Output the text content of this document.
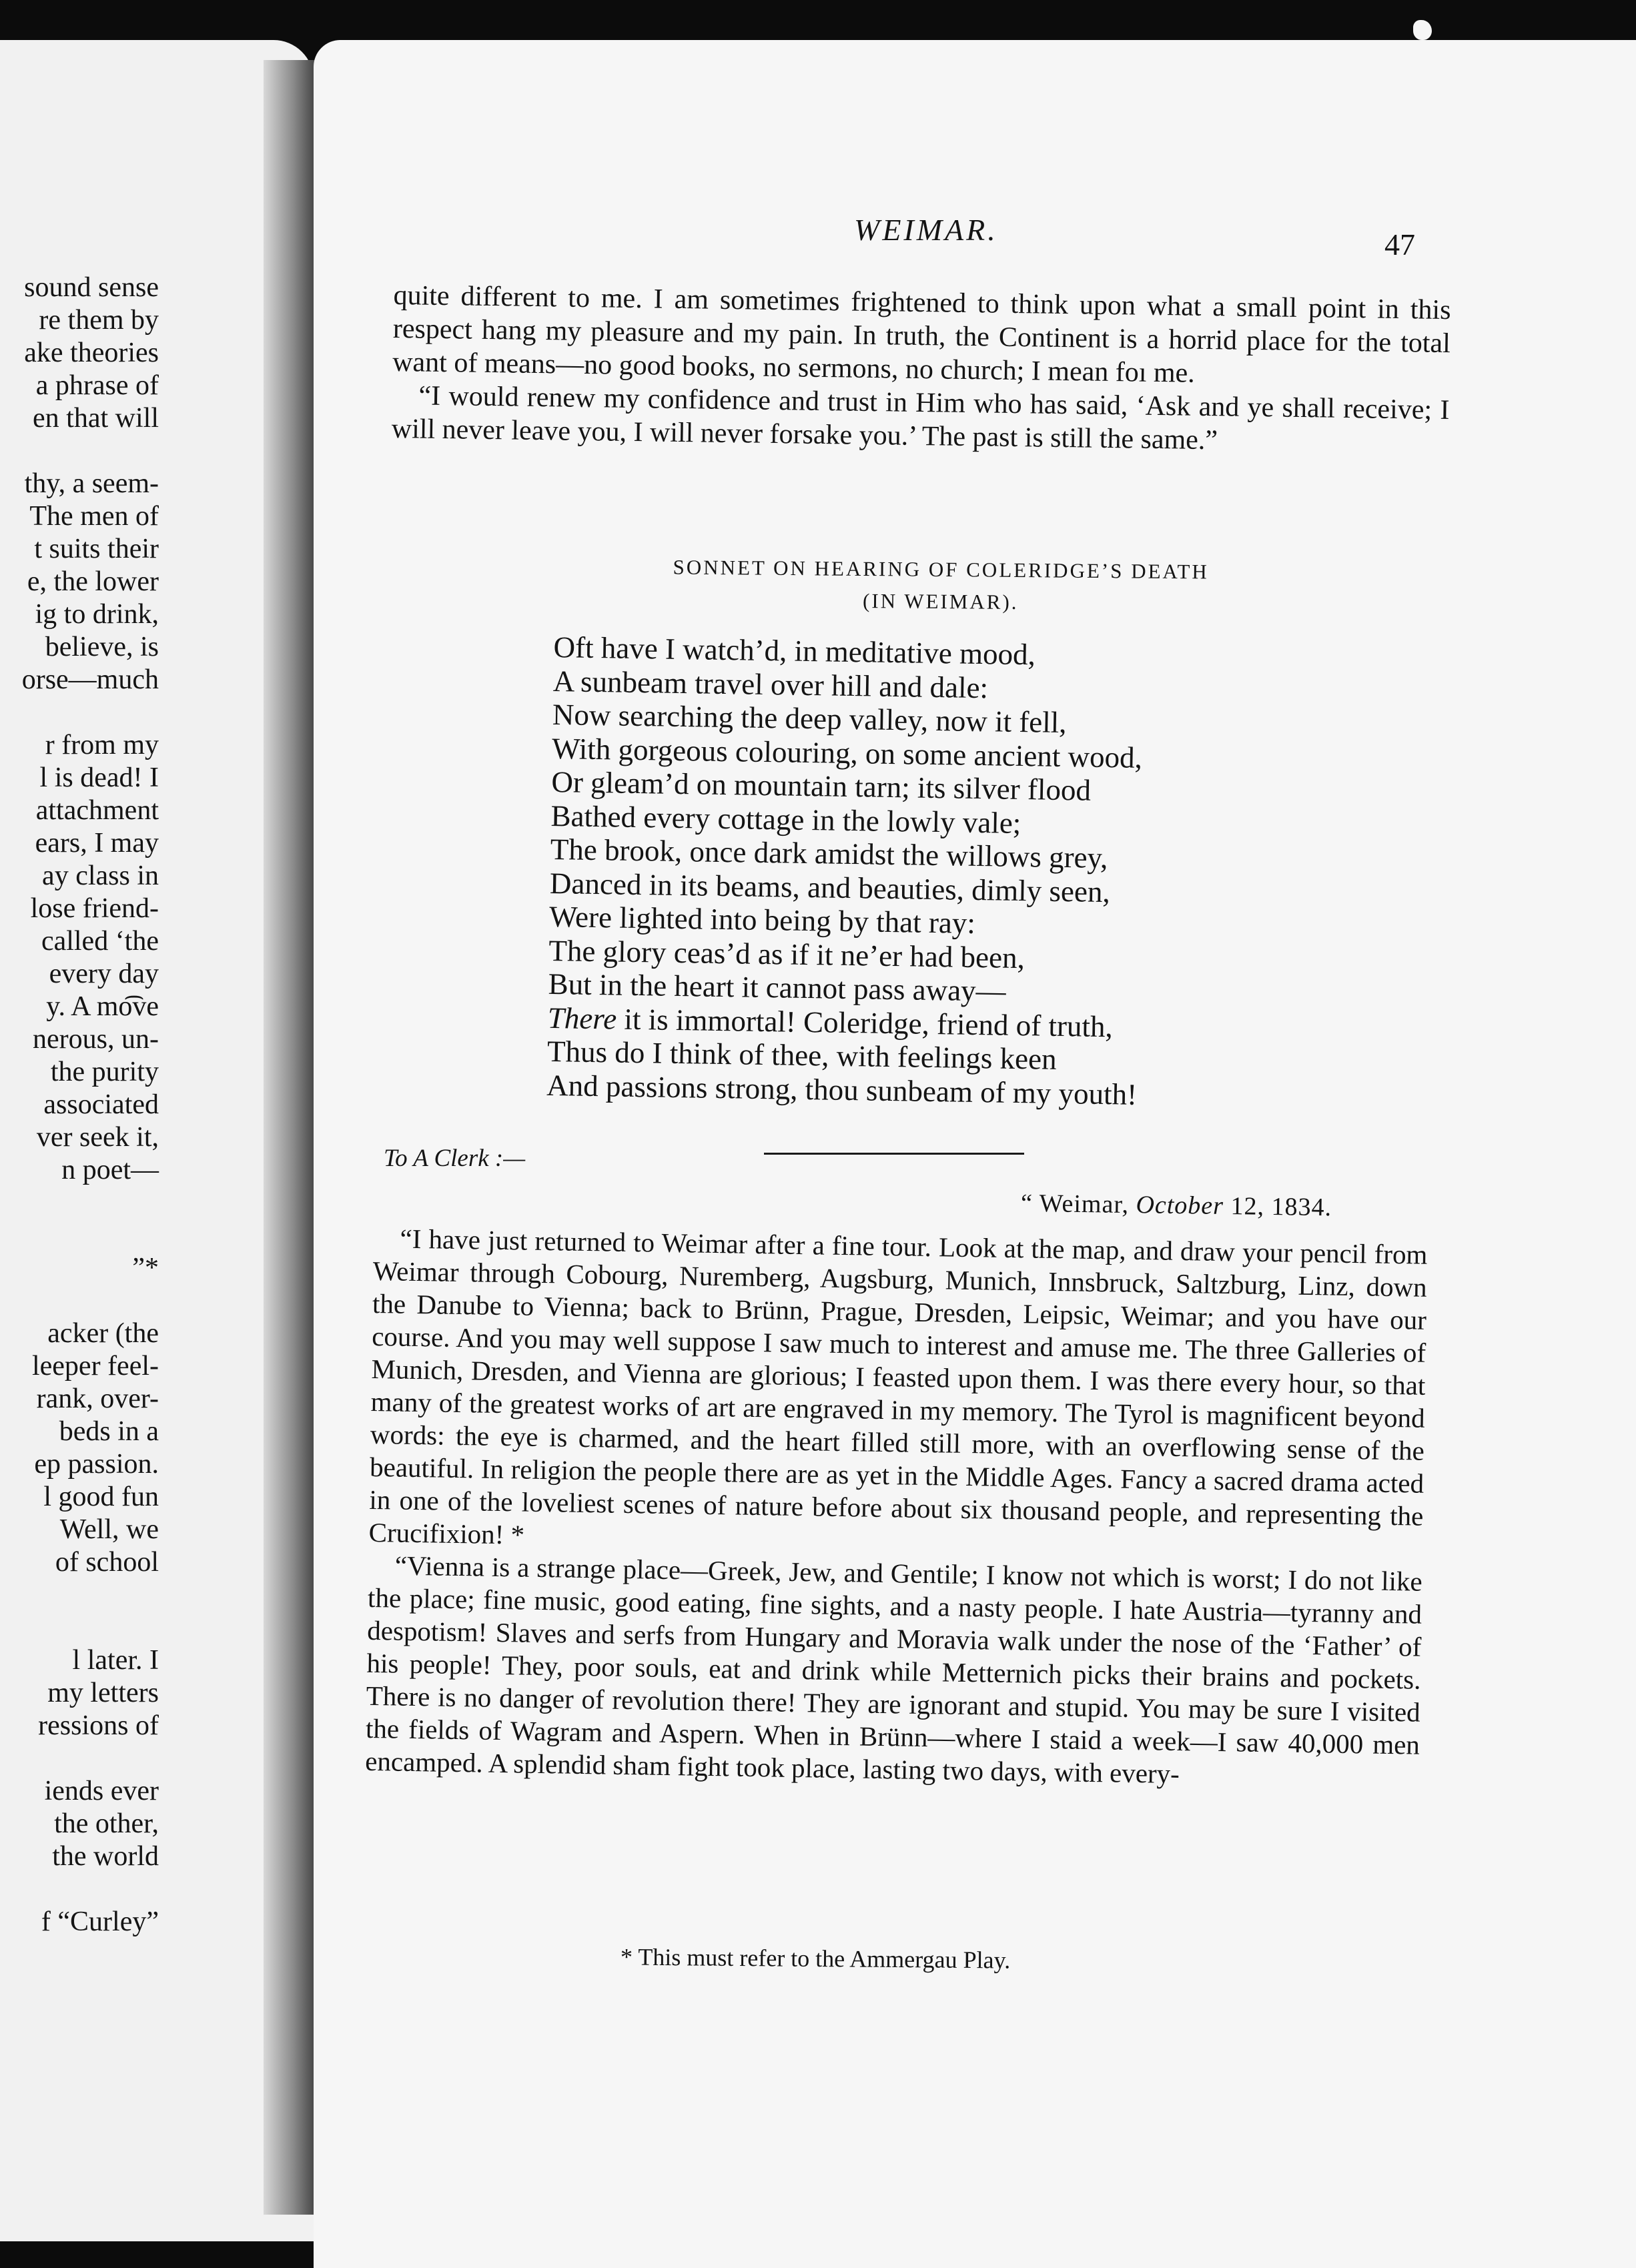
sound sense
re them by
ake theories
a phrase of
en that will
thy, a seem-
The men of
t suits their
e, the lower
ig to drink,
believe, is
orse—much
r from my
l is dead! I
attachment
ears, I may
ay class in
lose friend-
called ‘the
every day
y. A mo͡ve
nerous, un-
the purity
associated
ver seek it,
n poet—
”*
acker (the
leeper feel-
rank, over-
beds in a
ep passion.
l good fun
Well, we
of school
l later. I
my letters
ressions of
iends ever
the other,
the world
f “Curley”
WEIMAR.	47

quite different to me. I am sometimes frightened to think upon what a small point in this respect hang my pleasure and my pain. In truth, the Continent is a horrid place for the total want of means—no good books, no sermons, no church; I mean foı me.

“I would renew my confidence and trust in Him who has said, ‘Ask and ye shall receive; I will never leave you, I will never forsake you.’ The past is still the same.”

SONNET ON HEARING OF COLERIDGE’S DEATH
(IN WEIMAR).
Oft have I watch’d, in meditative mood,
A sunbeam travel over hill and dale:
Now searching the deep valley, now it fell,
With gorgeous colouring, on some ancient wood,
Or gleam’d on mountain tarn; its silver flood
Bathed every cottage in the lowly vale;
The brook, once dark amidst the willows grey,
Danced in its beams, and beauties, dimly seen,
Were lighted into being by that ray:
The glory ceas’d as if it ne’er had been,
But in the heart it cannot pass away—
There it is immortal! Coleridge, friend of truth,
Thus do I think of thee, with feelings keen
And passions strong, thou sunbeam of my youth!
To A Clerk :—
“ Weimar, October 12, 1834.

“I have just returned to Weimar after a fine tour. Look at the map, and draw your pencil from Weimar through Cobourg, Nuremberg, Augsburg, Munich, Innsbruck, Saltzburg, Linz, down the Danube to Vienna; back to Brünn, Prague, Dresden, Leipsic, Weimar; and you have our course. And you may well suppose I saw much to interest and amuse me. The three Galleries of Munich, Dresden, and Vienna are glorious; I feasted upon them. I was there every hour, so that many of the greatest works of art are engraved in my memory. The Tyrol is magnificent beyond words: the eye is charmed, and the heart filled still more, with an overflowing sense of the beautiful. In religion the people there are as yet in the Middle Ages. Fancy a sacred drama acted in one of the loveliest scenes of nature before about six thousand people, and representing the Crucifixion! *

“Vienna is a strange place—Greek, Jew, and Gentile; I know not which is worst; I do not like the place; fine music, good eating, fine sights, and a nasty people. I hate Austria—tyranny and despotism! Slaves and serfs from Hungary and Moravia walk under the nose of the ‘Father’ of his people! They, poor souls, eat and drink while Metternich picks their brains and pockets. There is no danger of revolution there! They are ignorant and stupid. You may be sure I visited the fields of Wagram and Aspern. When in Brünn—where I staid a week—I saw 40,000 men encamped. A splendid sham fight took place, lasting two days, with every-

* This must refer to the Ammergau Play.
